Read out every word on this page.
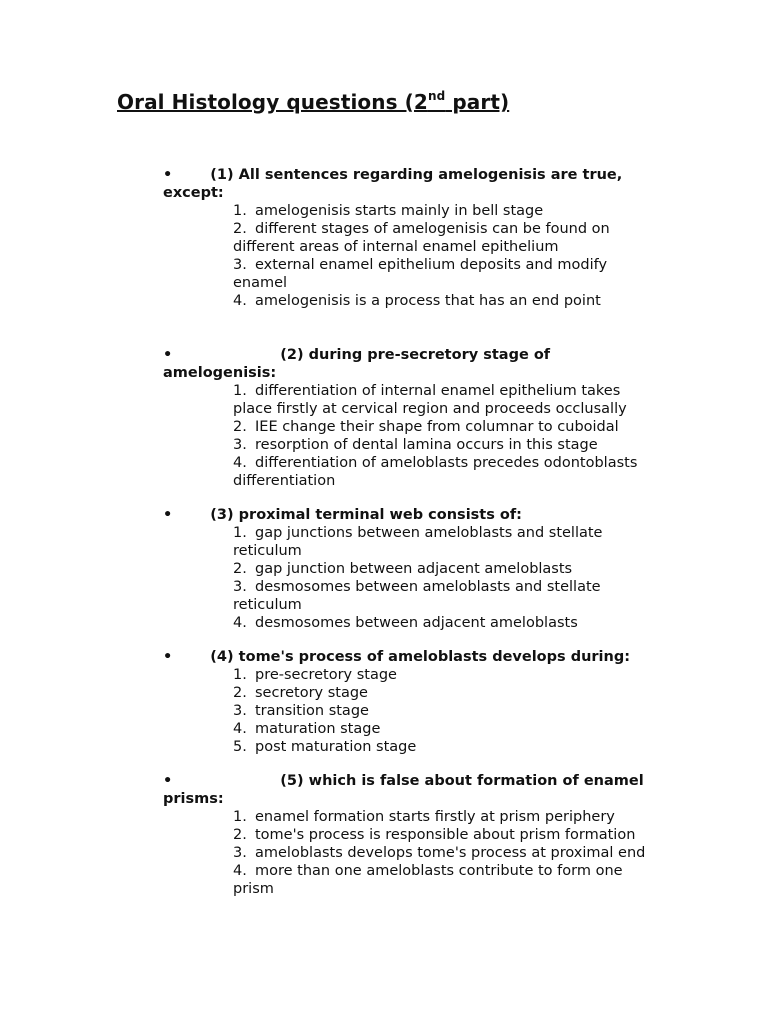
Oral Histology questions (2nd part)

•	(1) All sentences regarding amelogenisis are true, except:

1. amelogenisis starts mainly in bell stage
2. different stages of amelogenisis can be found on different areas of internal enamel epithelium
3. external enamel epithelium deposits and modify enamel
4. amelogenisis is a process that has an end point

•	(2) during pre-secretory stage of amelogenisis:

1. differentiation of internal enamel epithelium takes place firstly at cervical region and proceeds occlusally
2. IEE change their shape from columnar to cuboidal
3. resorption of dental lamina occurs in this stage
4. differentiation of ameloblasts precedes odontoblasts differentiation

•	(3) proximal terminal web consists of:

1. gap junctions between ameloblasts and stellate reticulum
2. gap junction between adjacent ameloblasts
3. desmosomes between ameloblasts and stellate reticulum
4. desmosomes between adjacent ameloblasts

•	(4) tome's process of ameloblasts develops during:

1. pre-secretory stage
2. secretory stage
3. transition stage
4. maturation stage
5. post maturation stage

•	(5) which is false about formation of enamel prisms:

1. enamel formation starts firstly at prism periphery
2. tome's process is responsible about prism formation
3. ameloblasts develops tome's process at proximal end
4. more than one ameloblasts contribute to form one prism
